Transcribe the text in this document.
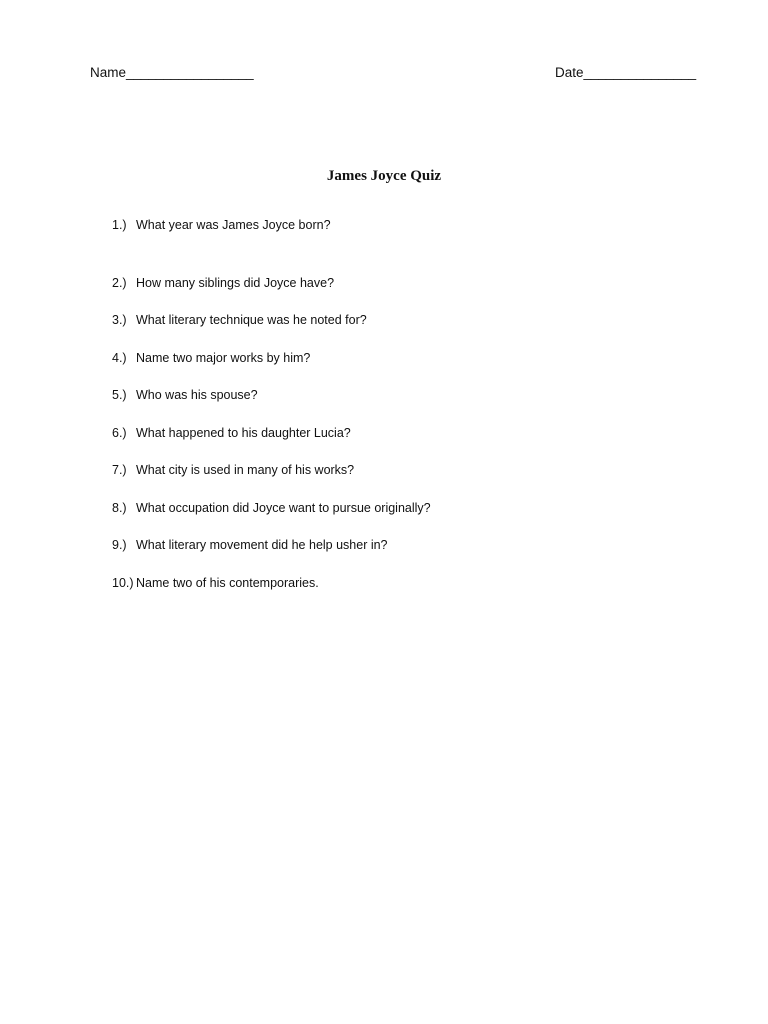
Name_________________	Date_______________
James Joyce Quiz
1.) What year was James Joyce born?
2.) How many siblings did Joyce have?
3.) What literary technique was he noted for?
4.) Name two major works by him?
5.) Who was his spouse?
6.) What happened to his daughter Lucia?
7.) What city is used in many of his works?
8.) What occupation did Joyce want to pursue originally?
9.) What literary movement did he help usher in?
10.) Name two of his contemporaries.
